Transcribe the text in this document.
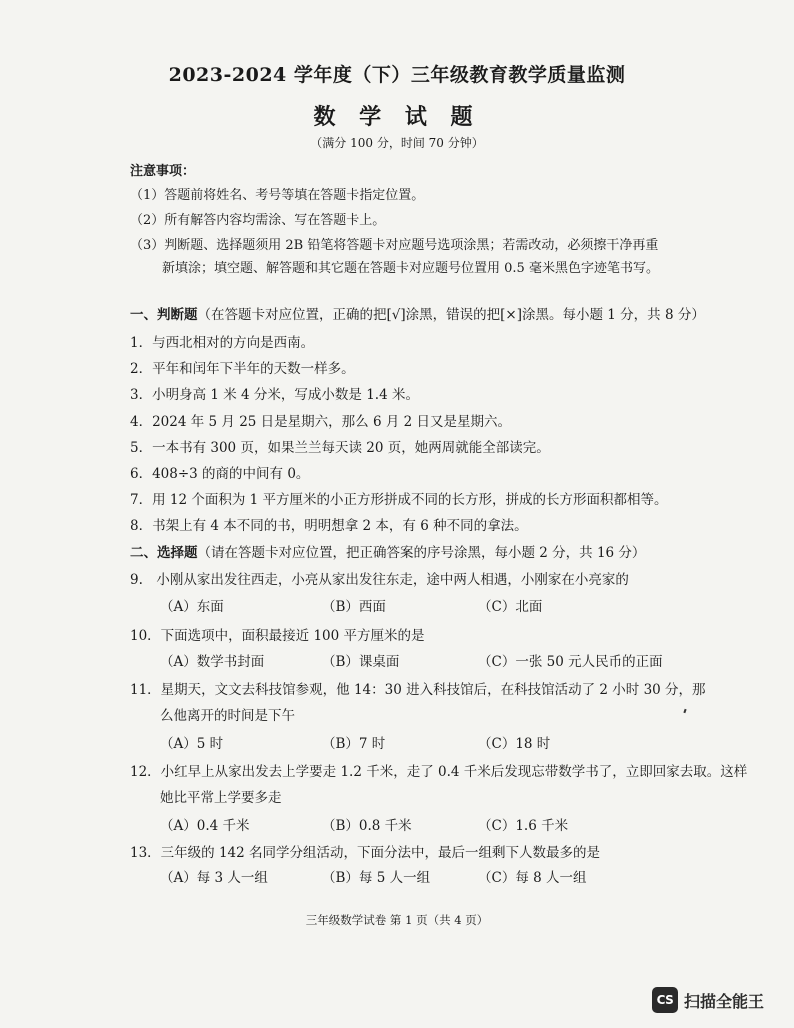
2023-2024 学年度（下）三年级教育教学质量监测
数 学 试 题
（满分 100 分，时间 70 分钟）
注意事项：
（1）答题前将姓名、考号等填在答题卡指定位置。
（2）所有解答内容均需涂、写在答题卡上。
（3）判断题、选择题须用 2B 铅笔将答题卡对应题号选项涂黑；若需改动，必须擦干净再重
新填涂；填空题、解答题和其它题在答题卡对应题号位置用 0.5 毫米黑色字迹笔书写。
一、判断题（在答题卡对应位置，正确的把[√]涂黑，错误的把[×]涂黑。每小题 1 分，共 8 分）
1．与西北相对的方向是西南。
2．平年和闰年下半年的天数一样多。
3．小明身高 1 米 4 分米，写成小数是 1.4 米。
4．2024 年 5 月 25 日是星期六，那么 6 月 2 日又是星期六。
5．一本书有 300 页，如果兰兰每天读 20 页，她两周就能全部读完。
6．408÷3 的商的中间有 0。
7．用 12 个面积为 1 平方厘米的小正方形拼成不同的长方形，拼成的长方形面积都相等。
8．书架上有 4 本不同的书，明明想拿 2 本，有 6 种不同的拿法。
二、选择题（请在答题卡对应位置，把正确答案的序号涂黑，每小题 2 分，共 16 分）
9.　小刚从家出发往西走，小亮从家出发往东走，途中两人相遇，小刚家在小亮家的
（A）东面	（B）西面	（C）北面
10．下面选项中，面积最接近 100 平方厘米的是
（A）数学书封面	（B）课桌面	（C）一张 50 元人民币的正面
11．星期天，文文去科技馆参观，他 14：30 进入科技馆后，在科技馆活动了 2 小时 30 分，那
么他离开的时间是下午
（A）5 时	（B）7 时	（C）18 时
12．小红早上从家出发去上学要走 1.2 千米，走了 0.4 千米后发现忘带数学书了，立即回家去取。这样
她比平常上学要多走
（A）0.4 千米	（B）0.8 千米	（C）1.6 千米
13．三年级的 142 名同学分组活动，下面分法中，最后一组剩下人数最多的是
（A）每 3 人一组	（B）每 5 人一组	（C）每 8 人一组
三年级数学试卷 第 1 页（共 4 页）
CS 扫描全能王
